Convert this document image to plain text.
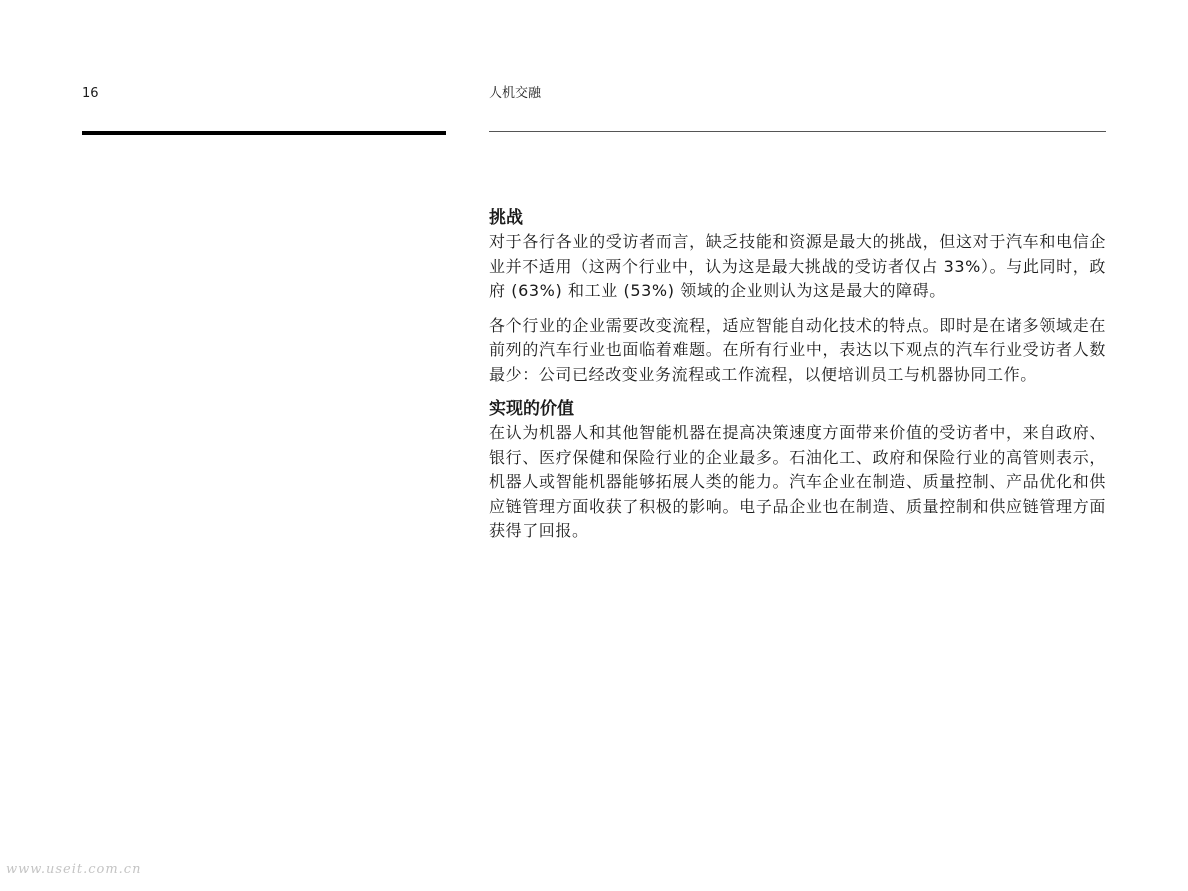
16	人机交融
挑战

对于各行各业的受访者而言，缺乏技能和资源是最大的挑战，但这对于汽车和电信企业并不适用（这两个行业中，认为这是最大挑战的受访者仅占 33%）。与此同时，政府 (63%) 和工业 (53%) 领域的企业则认为这是最大的障碍。

各个行业的企业需要改变流程，适应智能自动化技术的特点。即时是在诸多领域走在前列的汽车行业也面临着难题。在所有行业中，表达以下观点的汽车行业受访者人数最少：公司已经改变业务流程或工作流程，以便培训员工与机器协同工作。

实现的价值

在认为机器人和其他智能机器在提高决策速度方面带来价值的受访者中，来自政府、银行、医疗保健和保险行业的企业最多。石油化工、政府和保险行业的高管则表示，机器人或智能机器能够拓展人类的能力。汽车企业在制造、质量控制、产品优化和供应链管理方面收获了积极的影响。电子品企业也在制造、质量控制和供应链管理方面获得了回报。

www.useit.com.cn
